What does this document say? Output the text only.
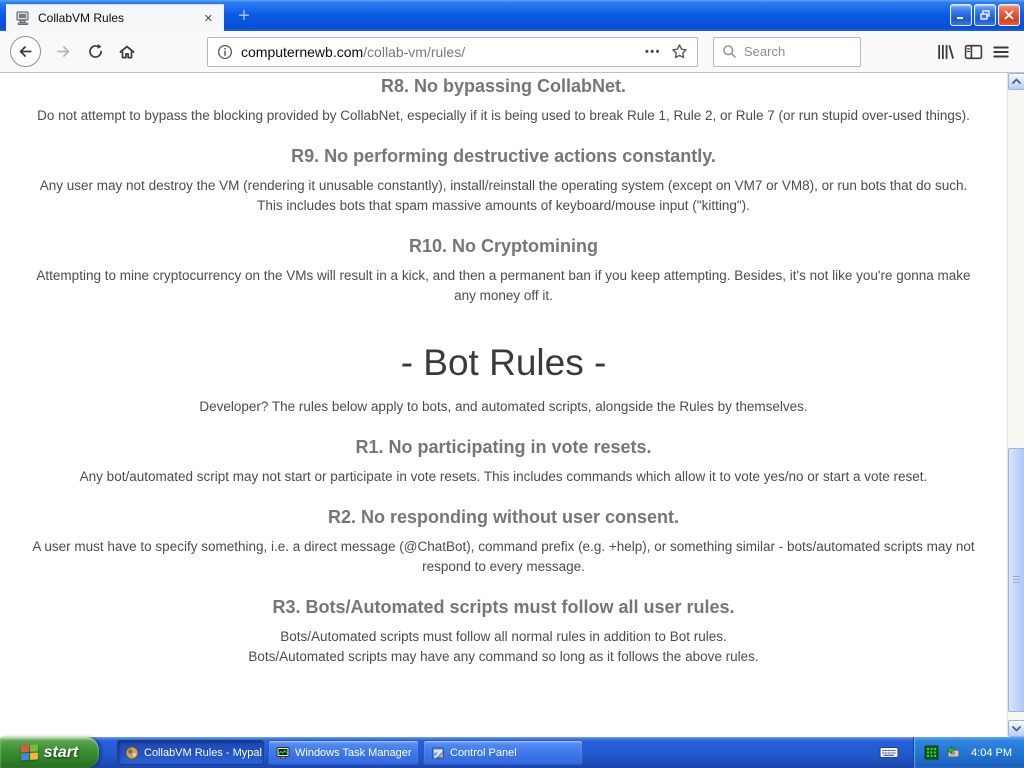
CollabVM Rules	✕	+
computernewb.com/collab-vm/rules/	•••
Search
R8. No bypassing CollabNet.

Do not attempt to bypass the blocking provided by CollabNet, especially if it is being used to break Rule 1, Rule 2, or Rule 7 (or run stupid over-used things).

R9. No performing destructive actions constantly.

Any user may not destroy the VM (rendering it unusable constantly), install/reinstall the operating system (except on VM7 or VM8), or run bots that do such. This includes bots that spam massive amounts of keyboard/mouse input ("kitting").

R10. No Cryptomining

Attempting to mine cryptocurrency on the VMs will result in a kick, and then a permanent ban if you keep attempting. Besides, it's not like you're gonna make any money off it.

- Bot Rules -

Developer? The rules below apply to bots, and automated scripts, alongside the Rules by themselves.

R1. No participating in vote resets.

Any bot/automated script may not start or participate in vote resets. This includes commands which allow it to vote yes/no or start a vote reset.

R2. No responding without user consent.

A user must have to specify something, i.e. a direct message (@ChatBot), command prefix (e.g. +help), or something similar - bots/automated scripts may not respond to every message.

R3. Bots/Automated scripts must follow all user rules.

Bots/Automated scripts must follow all normal rules in addition to Bot rules.

Bots/Automated scripts may have any command so long as it follows the above rules.

start	CollabVM Rules - Mypal	Windows Task Manager	Control Panel	4:04 PM
